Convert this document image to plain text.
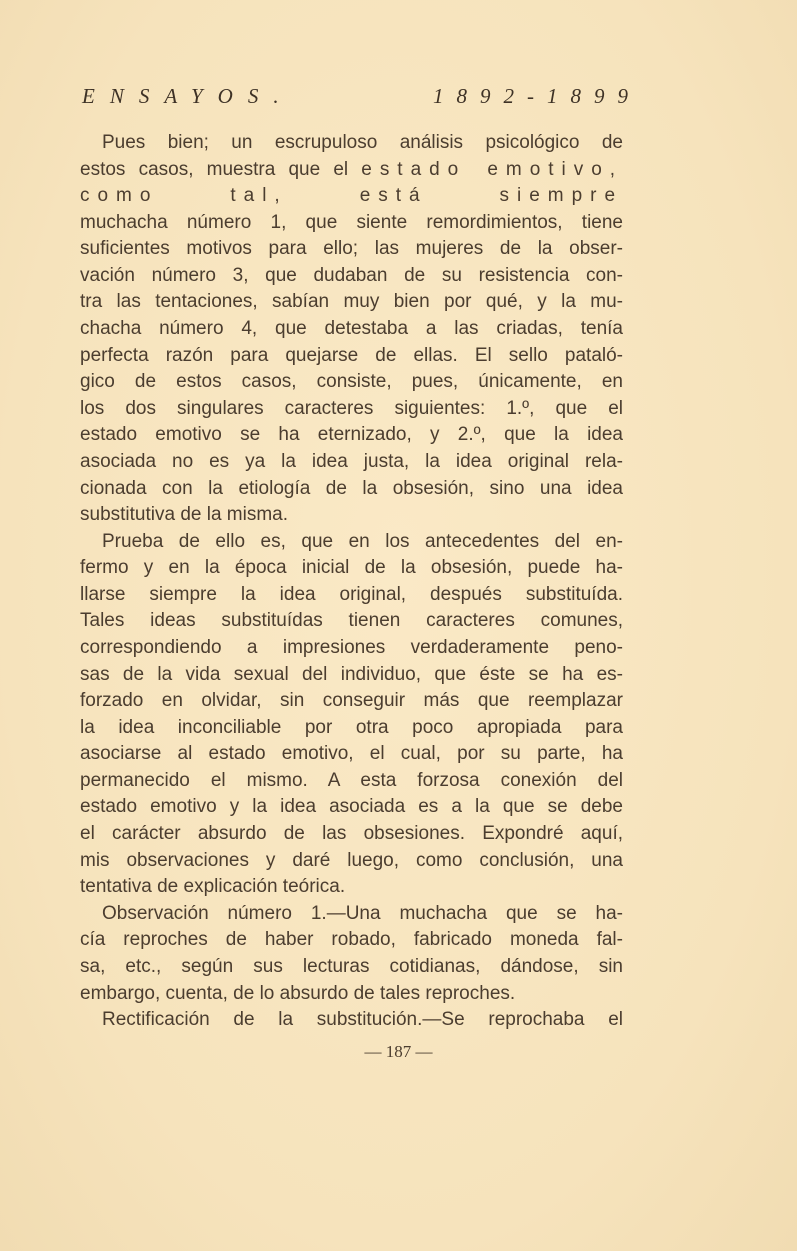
ENSAYOS.	1892-1899
Pues bien; un escrupuloso análisis psicológico de
estos casos, muestra que el estado emotivo,
como tal, está siempre
muchacha número 1, que siente remordimientos, tiene
suficientes motivos para ello; las mujeres de la obser-
vación número 3, que dudaban de su resistencia con-
tra las tentaciones, sabían muy bien por qué, y la mu-
chacha número 4, que detestaba a las criadas, tenía
perfecta razón para quejarse de ellas. El sello pataló-
gico de estos casos, consiste, pues, únicamente, en
los dos singulares caracteres siguientes: 1.º, que el
estado emotivo se ha eternizado, y 2.º, que la idea
asociada no es ya la idea justa, la idea original rela-
cionada con la etiología de la obsesión, sino una idea
substitutiva de la misma.
Prueba de ello es, que en los antecedentes del en-
fermo y en la época inicial de la obsesión, puede ha-
llarse siempre la idea original, después substituída.
Tales ideas substituídas tienen caracteres comunes,
correspondiendo a impresiones verdaderamente peno-
sas de la vida sexual del individuo, que éste se ha es-
forzado en olvidar, sin conseguir más que reemplazar
la idea inconciliable por otra poco apropiada para
asociarse al estado emotivo, el cual, por su parte, ha
permanecido el mismo. A esta forzosa conexión del
estado emotivo y la idea asociada es a la que se debe
el carácter absurdo de las obsesiones. Expondré aquí,
mis observaciones y daré luego, como conclusión, una
tentativa de explicación teórica.
Observación número 1.—Una muchacha que se ha-
cía reproches de haber robado, fabricado moneda fal-
sa, etc., según sus lecturas cotidianas, dándose, sin
embargo, cuenta, de lo absurdo de tales reproches.
Rectificación de la substitución.—Se reprochaba el
— 187 —
